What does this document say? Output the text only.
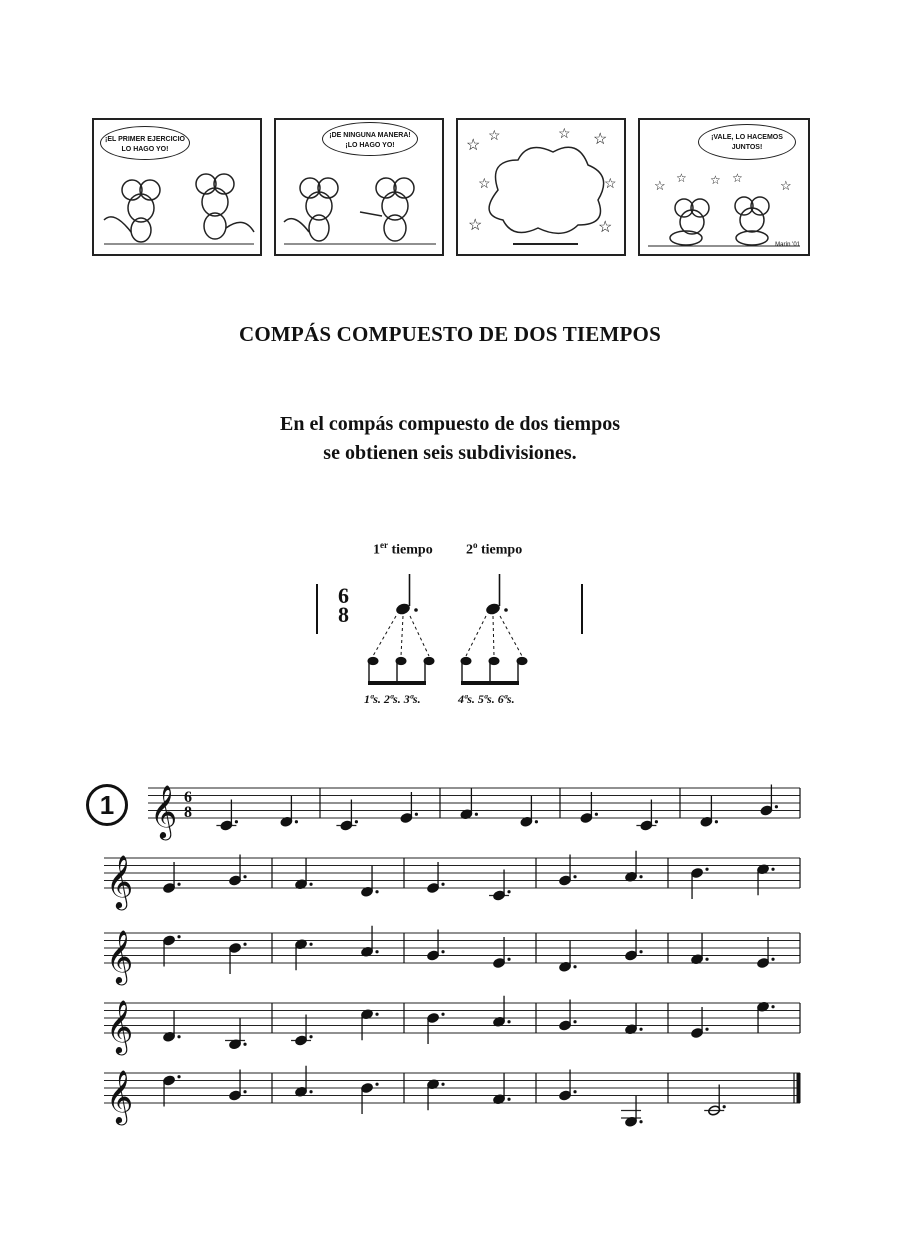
¡EL PRIMER EJERCICIO LO HAGO YO!
¡DE NINGUNA MANERA! ¡LO HAGO YO!	☆
☆	☆ ☆
☆	☆
☆
☆
¡VALE, LO HACEMOS JUNTOS!
☆ ☆ ☆ ☆	☆
Marín '01
COMPÁS COMPUESTO DE DOS TIEMPOS
En el compás compuesto de dos tiempos
se obtienen seis subdivisiones.
1er tiempo 2$^o$ tiempo
6
8
1ªs. 2ªs. 3ªs.	4ªs. 5ªs. 6ªs.
1 𝄞 6
8
𝄞
𝄞
𝄞
𝄞
